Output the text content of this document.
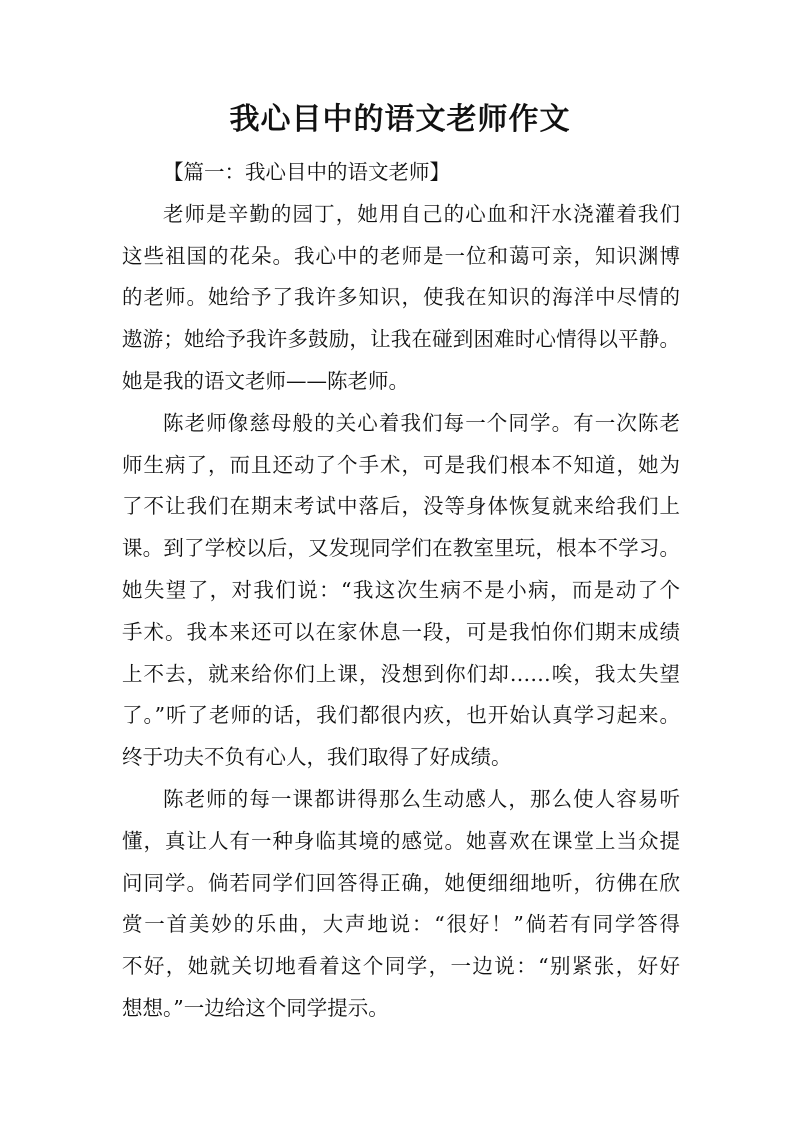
我心目中的语文老师作文
【篇一：我心目中的语文老师】
老师是辛勤的园丁，她用自己的心血和汗水浇灌着我们
这些祖国的花朵。我心中的老师是一位和蔼可亲，知识渊博
的老师。她给予了我许多知识，使我在知识的海洋中尽情的
遨游；她给予我许多鼓励，让我在碰到困难时心情得以平静。
她是我的语文老师——陈老师。
陈老师像慈母般的关心着我们每一个同学。有一次陈老
师生病了，而且还动了个手术，可是我们根本不知道，她为
了不让我们在期末考试中落后，没等身体恢复就来给我们上
课。到了学校以后，又发现同学们在教室里玩，根本不学习。
她失望了，对我们说：“我这次生病不是小病，而是动了个
手术。我本来还可以在家休息一段，可是我怕你们期末成绩
上不去，就来给你们上课，没想到你们却……唉，我太失望
了。”听了老师的话，我们都很内疚，也开始认真学习起来。
终于功夫不负有心人，我们取得了好成绩。
陈老师的每一课都讲得那么生动感人，那么使人容易听
懂，真让人有一种身临其境的感觉。她喜欢在课堂上当众提
问同学。倘若同学们回答得正确，她便细细地听，彷佛在欣
赏一首美妙的乐曲，大声地说：“很好！”倘若有同学答得
不好，她就关切地看着这个同学，一边说：“别紧张，好好
想想。”一边给这个同学提示。
